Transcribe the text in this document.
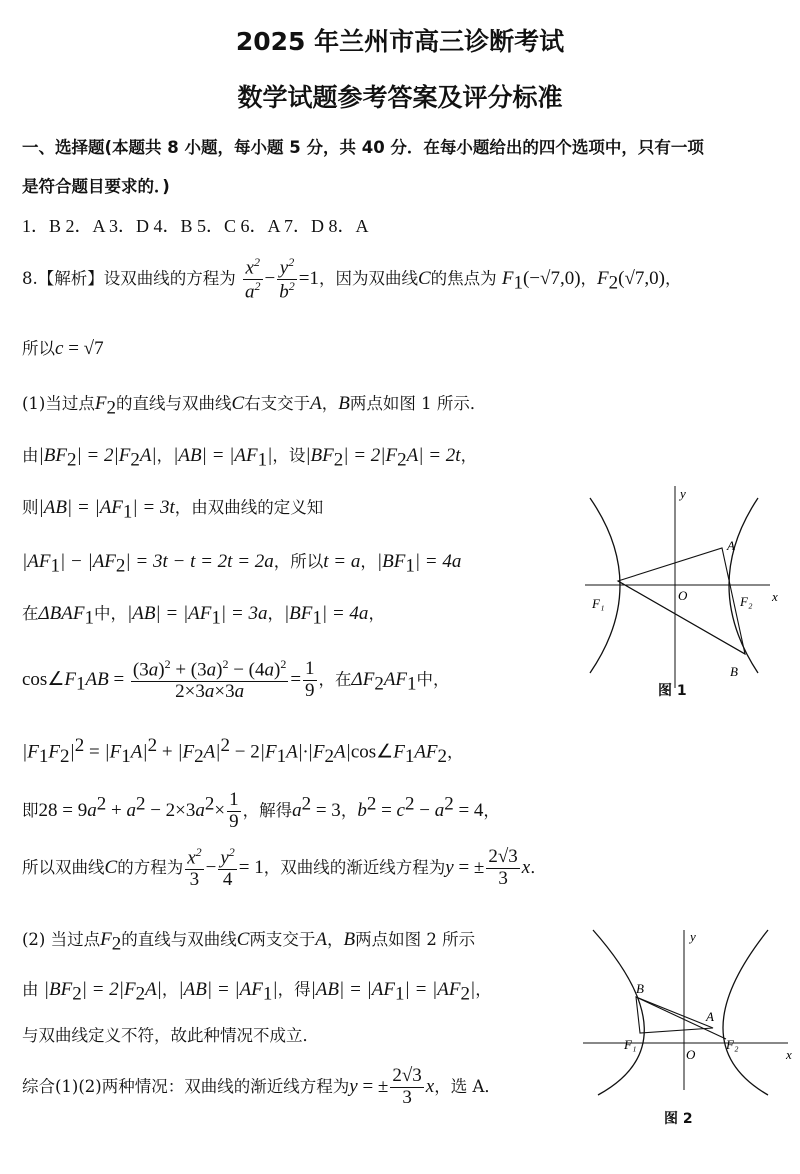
2025 年兰州市高三诊断考试
数学试题参考答案及评分标准
一、选择题(本题共 8 小题，每小题 5 分，共 40 分．在每小题给出的四个选项中，只有一项
是符合题目要求的．)
1．B 2．A 3．D 4．B 5．C 6．A 7．D 8．A
8.【解析】设双曲线的方程为 $\frac{x^2}{a^2} - \frac{y^2}{b^2} =1$，因为双曲线C的焦点为 $F_1(-√7,0)$，$F_2(√7,0)$，
所以c = √7
(1)当过点$F_2$的直线与双曲线C右支交于A，B两点如图 1 所示．
由$|BF_2| = 2|F_2A|$，$|AB| = |AF_1|$，设$|BF_2| = 2|F_2A| = 2t$，
则$|AB| = |AF_1| = 3t$，由双曲线的定义知
$|AF_1| - |AF_2| = 3t - t = 2t = 2a$，所以t = a，$|BF_1| = 4a$
在$\Delta BAF_1$中，$|AB| = |AF_1| = 3a$，$|BF_1| = 4a$，
$\cos\angle F_1AB = \frac{(3a)^2 + (3a)^2 - (4a)^2}{2\times 3a\times 3a} = \frac{1}{9}$ ，在$\Delta F_2AF_1$中，
$|F_1F_2|^2 = |F_1A|^2 + |F_2A|^2$ − $2|F_1A|\cdot|F_2A|\cos\angle F_1AF_2$，
即$28 = 9a^2 + a^2 - 2\times 3a^2\times \frac{1}{9}$ ，解得$a^2 = 3$，$b^2 = c^2 - a^2 = 4$，
所以双曲线C的方程为 $\frac{x^2}{3} - \frac{y^2}{4} = 1$，双曲线的渐近线方程为y = ± $\frac{2√3}{3}$ x．
(2) 当过点$F_2$的直线与双曲线C两支交于A，B两点如图 2 所示
由 $|BF_2| = 2|F_2A|$，$|AB| = |AF_1|$，得$|AB| = |AF_1| = |AF_2|$，
与双曲线定义不符，故此种情况不成立．
综合(1)(2)两种情况：双曲线的渐近线方程为y = ± $\frac{2√3}{3}$ x，选 A．
y
x
O
A
B
F₁	F₂
图 1
y
x
O
A
B
F₁	F₂
图 2
